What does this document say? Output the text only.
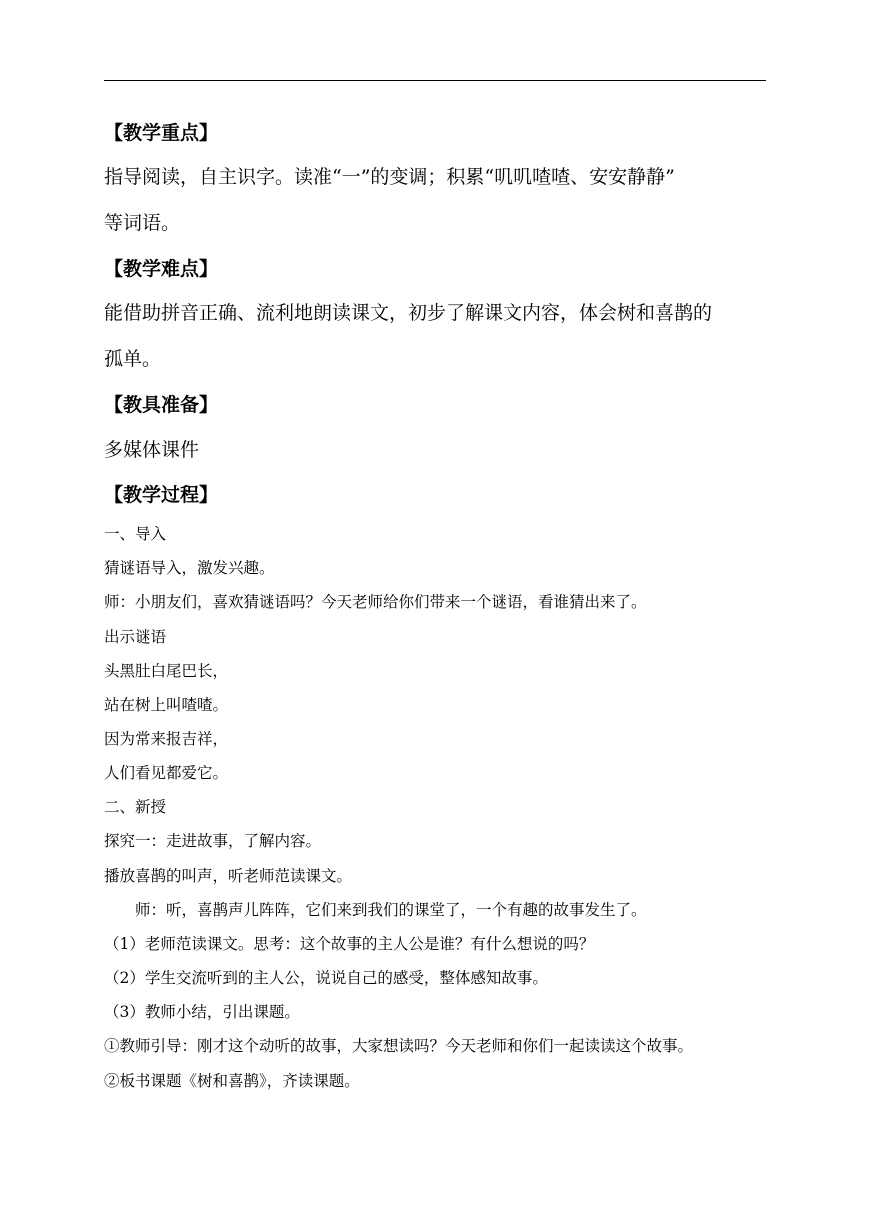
【教学重点】
指导阅读，自主识字。读准“一”的变调；积累“叽叽喳喳、安安静静”
等词语。
【教学难点】
能借助拼音正确、流利地朗读课文，初步了解课文内容，体会树和喜鹊的
孤单。
【教具准备】
多媒体课件
【教学过程】
一、导入
猜谜语导入，激发兴趣。
师：小朋友们，喜欢猜谜语吗？今天老师给你们带来一个谜语，看谁猜出来了。
出示谜语
头黑肚白尾巴长，
站在树上叫喳喳。
因为常来报吉祥，
人们看见都爱它。
二、新授
探究一：走进故事，了解内容。
播放喜鹊的叫声，听老师范读课文。
师：听，喜鹊声儿阵阵，它们来到我们的课堂了，一个有趣的故事发生了。
（1）老师范读课文。思考：这个故事的主人公是谁？有什么想说的吗？
（2）学生交流听到的主人公，说说自己的感受，整体感知故事。
（3）教师小结，引出课题。
①教师引导：刚才这个动听的故事，大家想读吗？今天老师和你们一起读读这个故事。
②板书课题《树和喜鹊》，齐读课题。
